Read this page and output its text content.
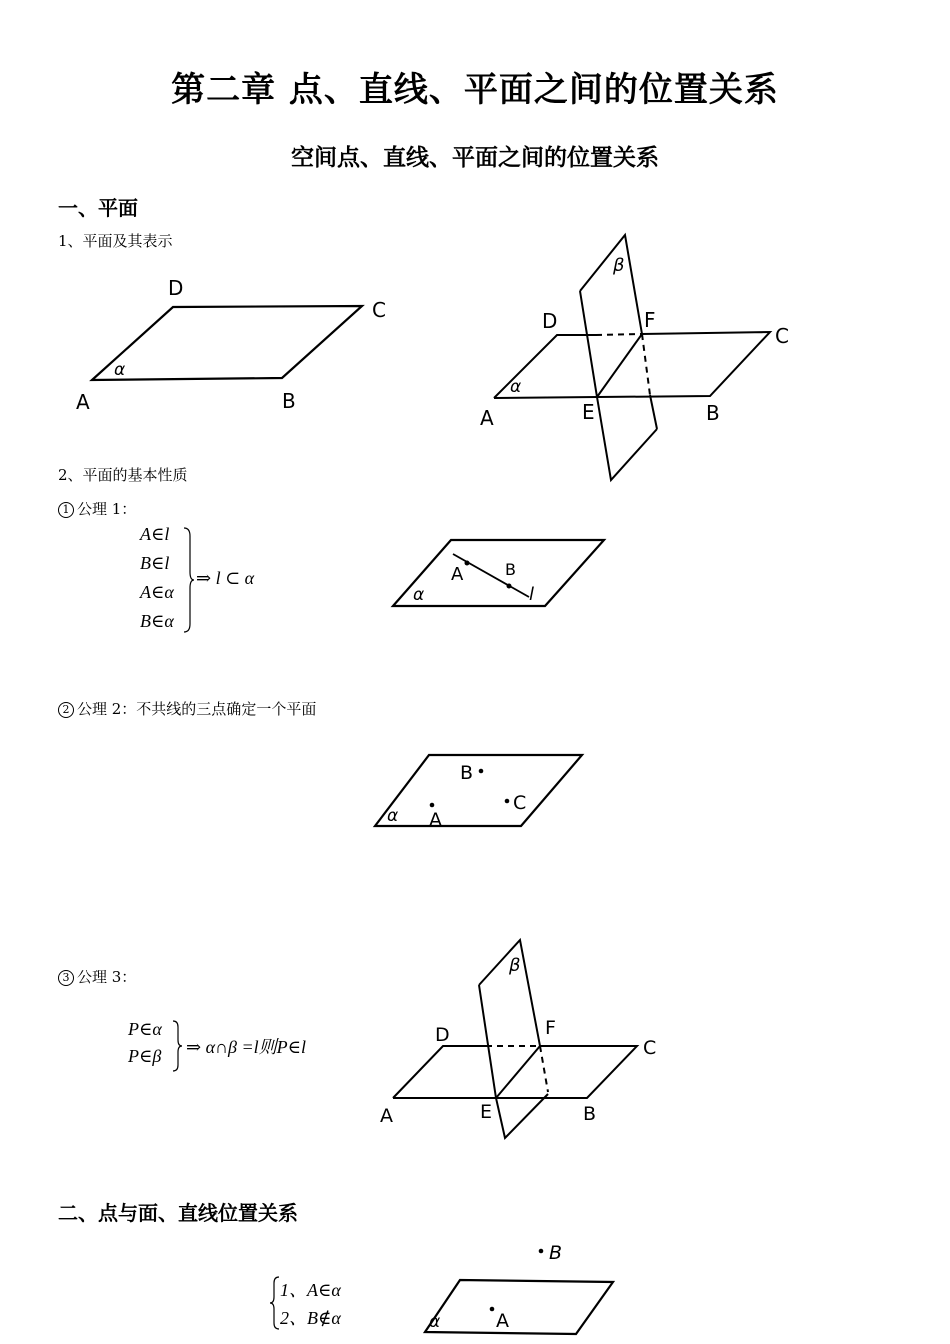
第二章 点、直线、平面之间的位置关系
空间点、直线、平面之间的位置关系
一、平面
1、平面及其表示
A	B
C
D
α
A	B
C
D
E
F
α
β
2、平面的基本性质
1 公理 1：
A∈l
B∈l
A∈α
B∈α
⇒ l ⊂ α	A	B
l
α
2 公理 2：不共线的三点确定一个平面
A
B
C
α
3 公理 3：
P∈α
P∈β ⇒ α∩β =l则P∈l
A	B
C
D
E
F
β
二、点与面、直线位置关系
1、A∈α
2、B∉α	A
B
α
